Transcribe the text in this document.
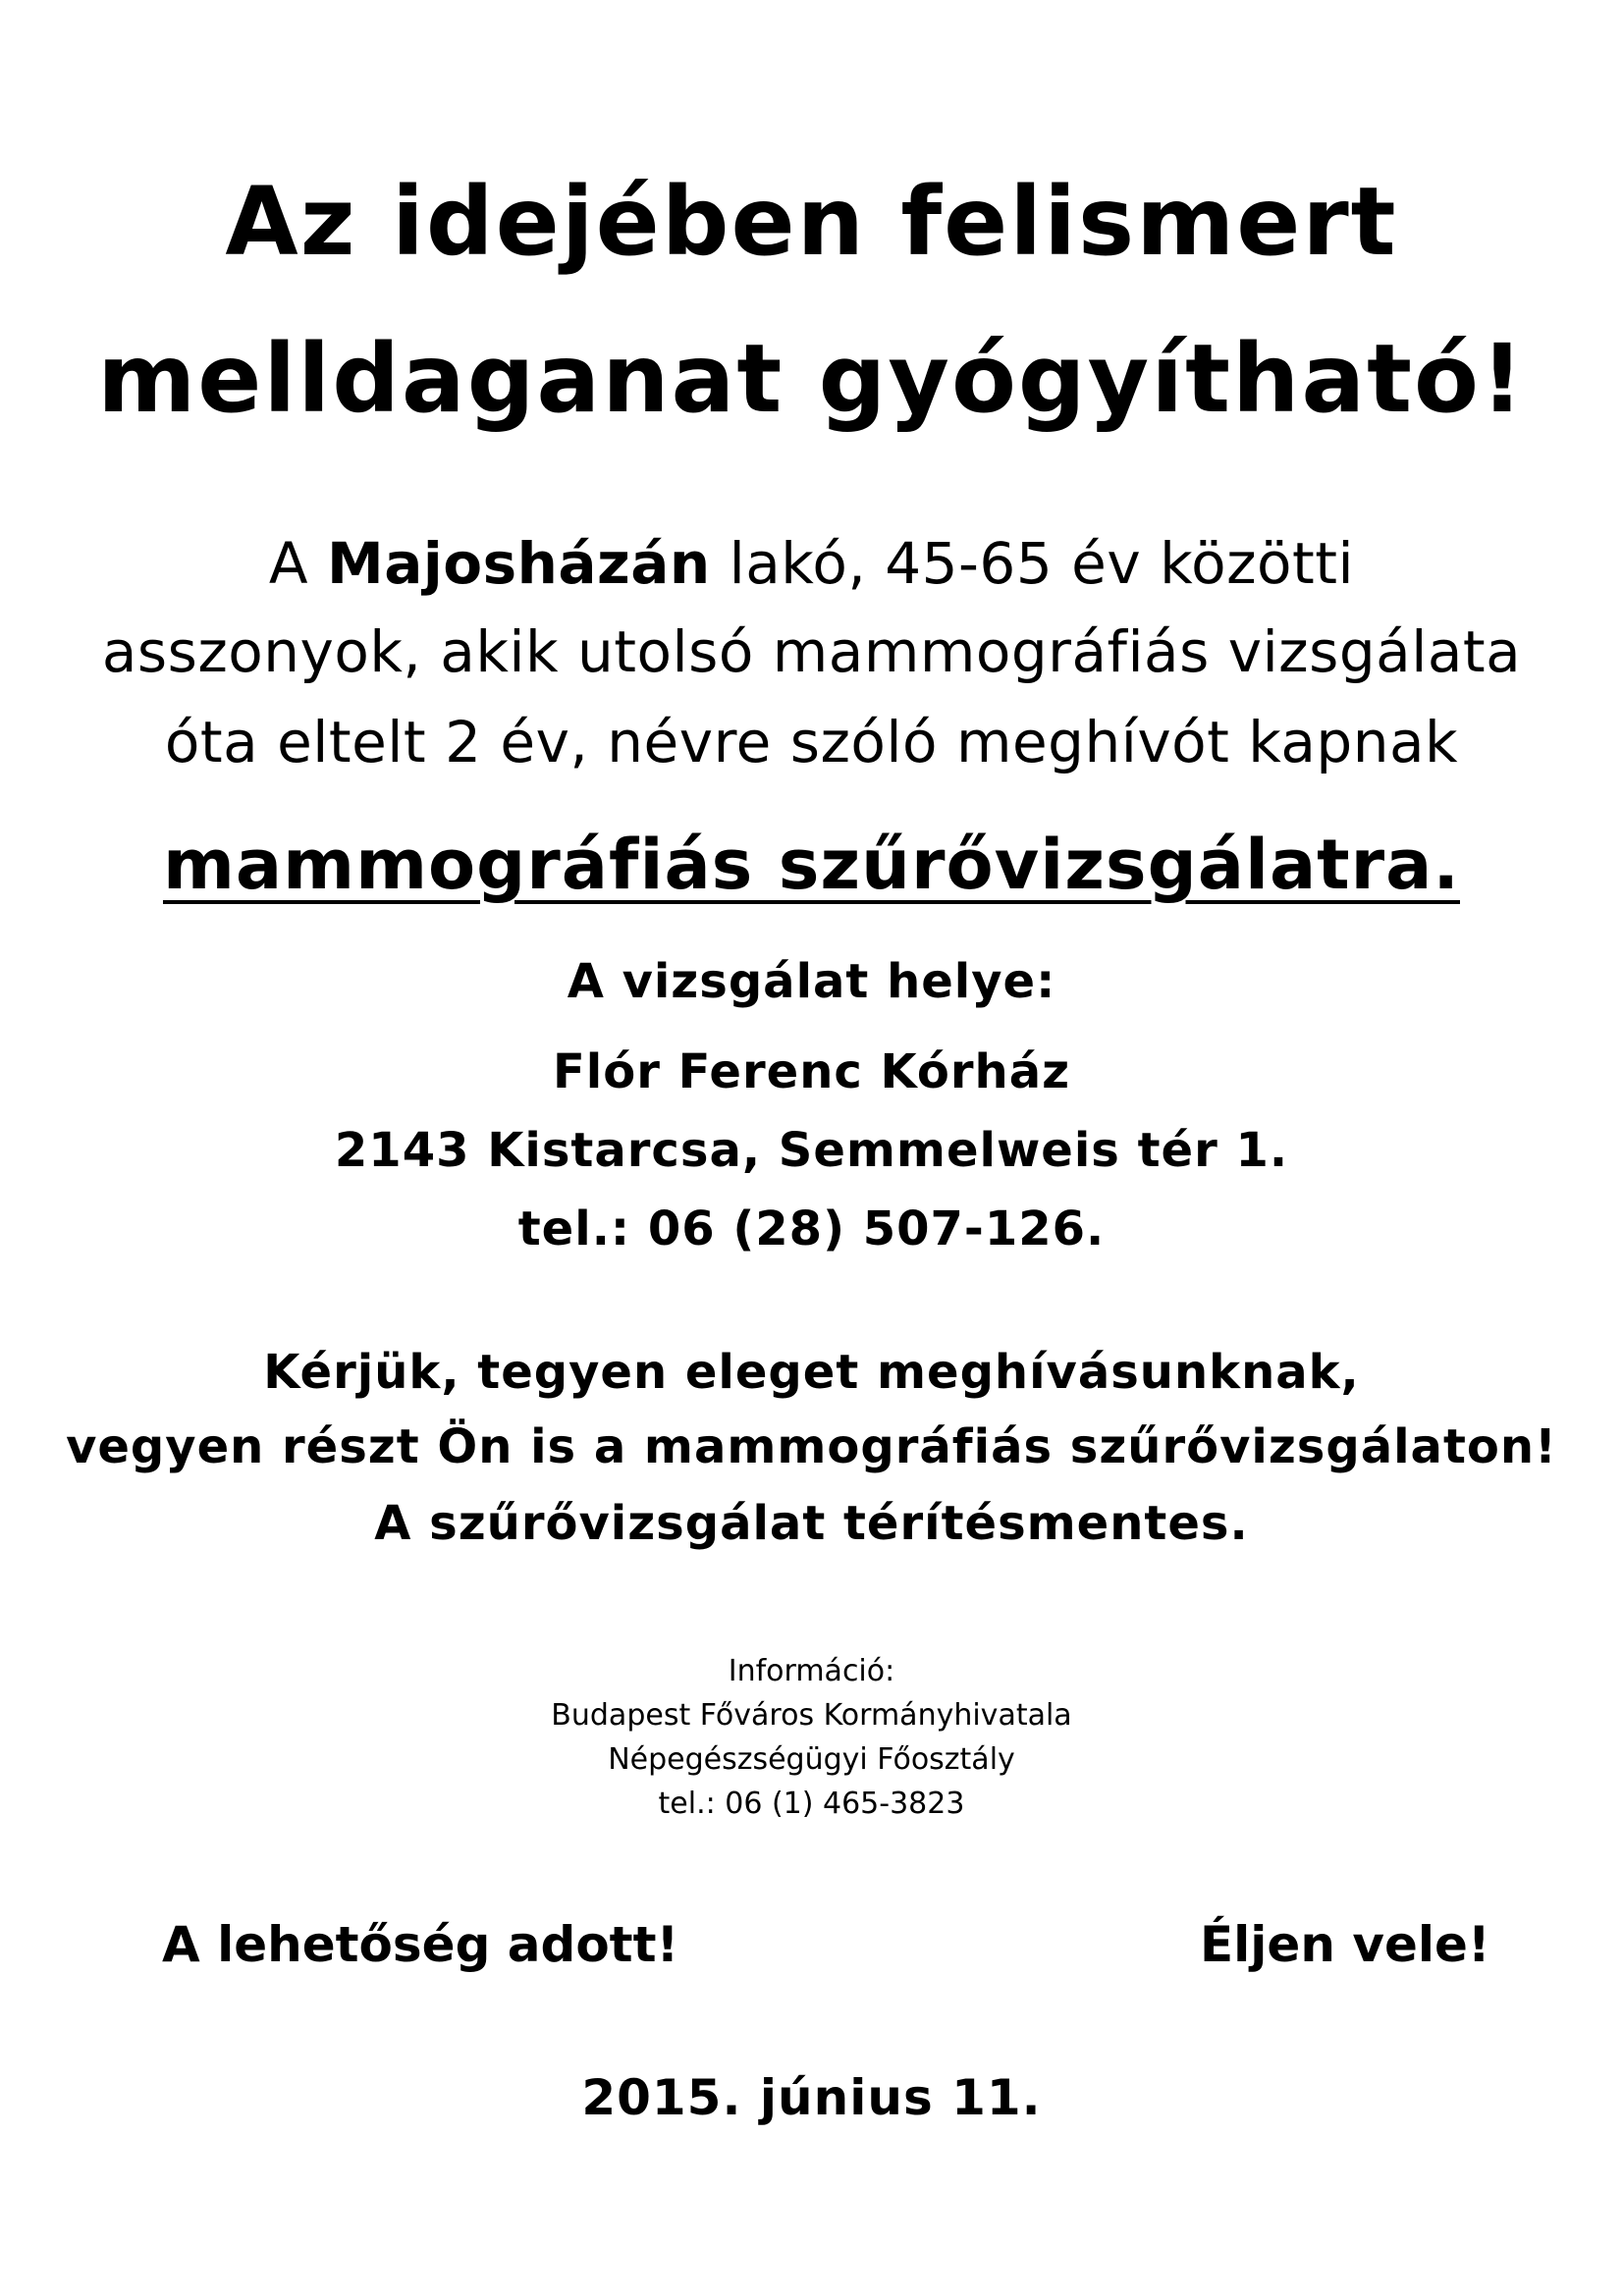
Az idejében felismert
melldaganat gyógyítható!
A Majosházán lakó, 45-65 év közötti
asszonyok, akik utolsó mammográfiás vizsgálata
óta eltelt 2 év, névre szóló meghívót kapnak
mammográfiás szűrővizsgálatra.
A vizsgálat helye:
Flór Ferenc Kórház
2143 Kistarcsa, Semmelweis tér 1.
tel.: 06 (28) 507-126.
Kérjük, tegyen eleget meghívásunknak,
vegyen részt Ön is a mammográfiás szűrővizsgálaton!
A szűrővizsgálat térítésmentes.
Információ:
Budapest Főváros Kormányhivatala
Népegészségügyi Főosztály
tel.: 06 (1) 465-3823
A lehetőség adott!	Éljen vele!
2015. június 11.
